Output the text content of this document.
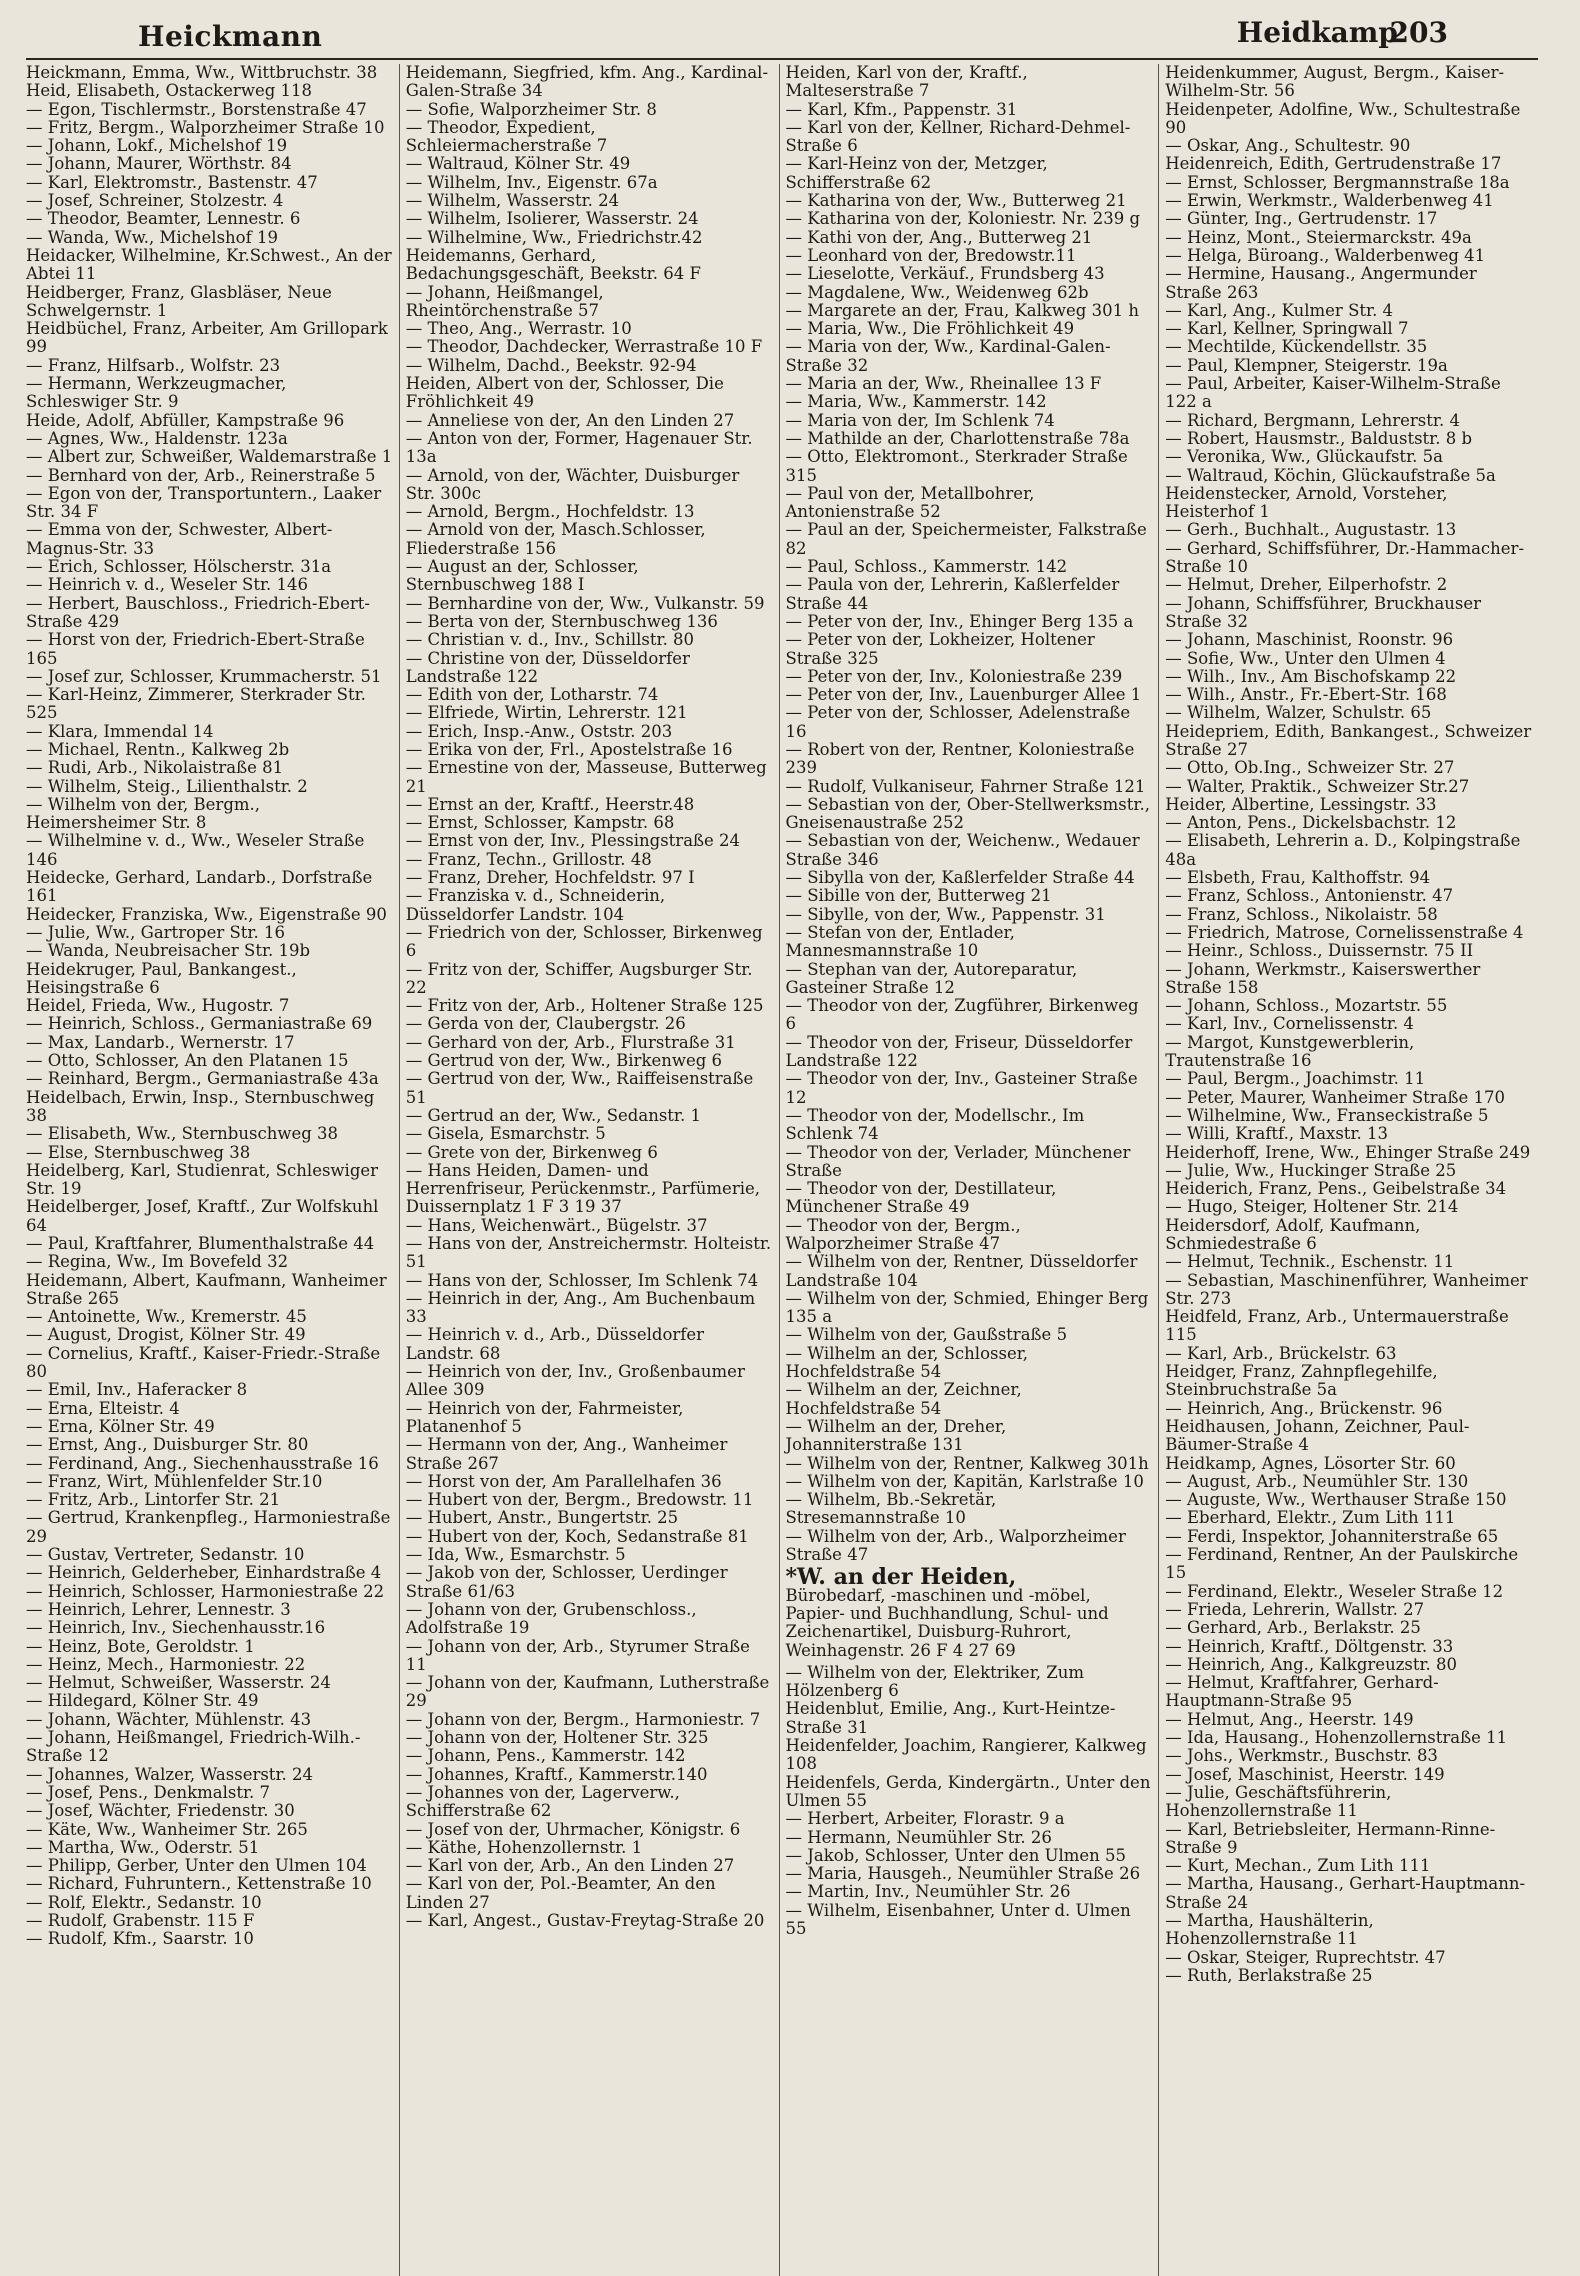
Heickmann	Heidkamp
203

Heickmann, Emma, Ww., Wittbruchstr. 38

Heid, Elisabeth, Ostackerweg 118

— Egon, Tischlermstr., Borstenstraße 47

— Fritz, Bergm., Walporzheimer Straße 10

— Johann, Lokf., Michelshof 19

— Johann, Maurer, Wörthstr. 84

— Karl, Elektromstr., Bastenstr. 47

— Josef, Schreiner, Stolzestr. 4

— Theodor, Beamter, Lennestr. 6

— Wanda, Ww., Michelshof 19

Heidacker, Wilhelmine, Kr.Schwest., An der Abtei 11

Heidberger, Franz, Glasbläser, Neue Schwelgernstr. 1

Heidbüchel, Franz, Arbeiter, Am Grillopark 99

— Franz, Hilfsarb., Wolfstr. 23

— Hermann, Werkzeugmacher, Schleswiger Str. 9

Heide, Adolf, Abfüller, Kampstraße 96

— Agnes, Ww., Haldenstr. 123a

— Albert zur, Schweißer, Waldemarstraße 1

— Bernhard von der, Arb., Reinerstraße 5

— Egon von der, Transportuntern., Laaker Str. 34 F

— Emma von der, Schwester, Albert-Magnus-Str. 33

— Erich, Schlosser, Hölscherstr. 31a

— Heinrich v. d., Weseler Str. 146

— Herbert, Bauschloss., Friedrich-Ebert-Straße 429

— Horst von der, Friedrich-Ebert-Straße 165

— Josef zur, Schlosser, Krummacherstr. 51

— Karl-Heinz, Zimmerer, Sterkrader Str. 525

— Klara, Immendal 14

— Michael, Rentn., Kalkweg 2b

— Rudi, Arb., Nikolaistraße 81

— Wilhelm, Steig., Lilienthalstr. 2

— Wilhelm von der, Bergm., Heimersheimer Str. 8

— Wilhelmine v. d., Ww., Weseler Straße 146

Heidecke, Gerhard, Landarb., Dorfstraße 161

Heidecker, Franziska, Ww., Eigenstraße 90

— Julie, Ww., Gartroper Str. 16

— Wanda, Neubreisacher Str. 19b

Heidekruger, Paul, Bankangest., Heisingstraße 6

Heidel, Frieda, Ww., Hugostr. 7

— Heinrich, Schloss., Germaniastraße 69

— Max, Landarb., Wernerstr. 17

— Otto, Schlosser, An den Platanen 15

— Reinhard, Bergm., Germaniastraße 43a

Heidelbach, Erwin, Insp., Sternbuschweg 38

— Elisabeth, Ww., Sternbuschweg 38

— Else, Sternbuschweg 38

Heidelberg, Karl, Studienrat, Schleswiger Str. 19

Heidelberger, Josef, Kraftf., Zur Wolfskuhl 64

— Paul, Kraftfahrer, Blumenthalstraße 44

— Regina, Ww., Im Bovefeld 32

Heidemann, Albert, Kaufmann, Wanheimer Straße 265

— Antoinette, Ww., Kremerstr. 45

— August, Drogist, Kölner Str. 49

— Cornelius, Kraftf., Kaiser-Friedr.-Straße 80

— Emil, Inv., Haferacker 8

— Erna, Elteistr. 4

— Erna, Kölner Str. 49

— Ernst, Ang., Duisburger Str. 80

— Ferdinand, Ang., Siechenhausstraße 16

— Franz, Wirt, Mühlenfelder Str.10

— Fritz, Arb., Lintorfer Str. 21

— Gertrud, Krankenpfleg., Harmoniestraße 29

— Gustav, Vertreter, Sedanstr. 10

— Heinrich, Gelderheber, Einhardstraße 4

— Heinrich, Schlosser, Harmoniestraße 22

— Heinrich, Lehrer, Lennestr. 3

— Heinrich, Inv., Siechenhausstr.16

— Heinz, Bote, Geroldstr. 1

— Heinz, Mech., Harmoniestr. 22

— Helmut, Schweißer, Wasserstr. 24

— Hildegard, Kölner Str. 49

— Johann, Wächter, Mühlenstr. 43

— Johann, Heißmangel, Friedrich-Wilh.-Straße 12

— Johannes, Walzer, Wasserstr. 24

— Josef, Pens., Denkmalstr. 7

— Josef, Wächter, Friedenstr. 30

— Käte, Ww., Wanheimer Str. 265

— Martha, Ww., Oderstr. 51

— Philipp, Gerber, Unter den Ulmen 104

— Richard, Fuhruntern., Kettenstraße 10

— Rolf, Elektr., Sedanstr. 10

— Rudolf, Grabenstr. 115 F

— Rudolf, Kfm., Saarstr. 10

Heidemann, Siegfried, kfm. Ang., Kardinal-Galen-Straße 34

— Sofie, Walporzheimer Str. 8

— Theodor, Expedient, Schleiermacherstraße 7

— Waltraud, Kölner Str. 49

— Wilhelm, Inv., Eigenstr. 67a

— Wilhelm, Wasserstr. 24

— Wilhelm, Isolierer, Wasserstr. 24

— Wilhelmine, Ww., Friedrichstr.42

Heidemanns, Gerhard, Bedachungsgeschäft, Beekstr. 64 F

— Johann, Heißmangel, Rheintörchenstraße 57

— Theo, Ang., Werrastr. 10

— Theodor, Dachdecker, Werrastraße 10 F

— Wilhelm, Dachd., Beekstr. 92-94

Heiden, Albert von der, Schlosser, Die Fröhlichkeit 49

— Anneliese von der, An den Linden 27

— Anton von der, Former, Hagenauer Str. 13a

— Arnold, von der, Wächter, Duisburger Str. 300c

— Arnold, Bergm., Hochfeldstr. 13

— Arnold von der, Masch.Schlosser, Fliederstraße 156

— August an der, Schlosser, Sternbuschweg 188 I

— Bernhardine von der, Ww., Vulkanstr. 59

— Berta von der, Sternbuschweg 136

— Christian v. d., Inv., Schillstr. 80

— Christine von der, Düsseldorfer Landstraße 122

— Edith von der, Lotharstr. 74

— Elfriede, Wirtin, Lehrerstr. 121

— Erich, Insp.-Anw., Oststr. 203

— Erika von der, Frl., Apostelstraße 16

— Ernestine von der, Masseuse, Butterweg 21

— Ernst an der, Kraftf., Heerstr.48

— Ernst, Schlosser, Kampstr. 68

— Ernst von der, Inv., Plessingstraße 24

— Franz, Techn., Grillostr. 48

— Franz, Dreher, Hochfeldstr. 97 I

— Franziska v. d., Schneiderin, Düsseldorfer Landstr. 104

— Friedrich von der, Schlosser, Birkenweg 6

— Fritz von der, Schiffer, Augsburger Str. 22

— Fritz von der, Arb., Holtener Straße 125

— Gerda von der, Claubergstr. 26

— Gerhard von der, Arb., Flurstraße 31

— Gertrud von der, Ww., Birkenweg 6

— Gertrud von der, Ww., Raiffeisenstraße 51

— Gertrud an der, Ww., Sedanstr. 1

— Gisela, Esmarchstr. 5

— Grete von der, Birkenweg 6

— Hans Heiden, Damen- und Herrenfriseur, Perückenmstr., Parfümerie, Duissernplatz 1 F 3 19 37

— Hans, Weichenwärt., Bügelstr. 37

— Hans von der, Anstreichermstr. Holteistr. 51

— Hans von der, Schlosser, Im Schlenk 74

— Heinrich in der, Ang., Am Buchenbaum 33

— Heinrich v. d., Arb., Düsseldorfer Landstr. 68

— Heinrich von der, Inv., Großenbaumer Allee 309

— Heinrich von der, Fahrmeister, Platanenhof 5

— Hermann von der, Ang., Wanheimer Straße 267

— Horst von der, Am Parallelhafen 36

— Hubert von der, Bergm., Bredowstr. 11

— Hubert, Anstr., Bungertstr. 25

— Hubert von der, Koch, Sedanstraße 81

— Ida, Ww., Esmarchstr. 5

— Jakob von der, Schlosser, Uerdinger Straße 61/63

— Johann von der, Grubenschloss., Adolfstraße 19

— Johann von der, Arb., Styrumer Straße 11

— Johann von der, Kaufmann, Lutherstraße 29

— Johann von der, Bergm., Harmoniestr. 7

— Johann von der, Holtener Str. 325

— Johann, Pens., Kammerstr. 142

— Johannes, Kraftf., Kammerstr.140

— Johannes von der, Lagerverw., Schifferstraße 62

— Josef von der, Uhrmacher, Königstr. 6

— Käthe, Hohenzollernstr. 1

— Karl von der, Arb., An den Linden 27

— Karl von der, Pol.-Beamter, An den Linden 27

— Karl, Angest., Gustav-Freytag-Straße 20

Heiden, Karl von der, Kraftf., Malteserstraße 7

— Karl, Kfm., Pappenstr. 31

— Karl von der, Kellner, Richard-Dehmel-Straße 6

— Karl-Heinz von der, Metzger, Schifferstraße 62

— Katharina von der, Ww., Butterweg 21

— Katharina von der, Koloniestr. Nr. 239 g

— Kathi von der, Ang., Butterweg 21

— Leonhard von der, Bredowstr.11

— Lieselotte, Verkäuf., Frundsberg 43

— Magdalene, Ww., Weidenweg 62b

— Margarete an der, Frau, Kalkweg 301 h

— Maria, Ww., Die Fröhlichkeit 49

— Maria von der, Ww., Kardinal-Galen-Straße 32

— Maria an der, Ww., Rheinallee 13 F

— Maria, Ww., Kammerstr. 142

— Maria von der, Im Schlenk 74

— Mathilde an der, Charlottenstraße 78a

— Otto, Elektromont., Sterkrader Straße 315

— Paul von der, Metallbohrer, Antonienstraße 52

— Paul an der, Speichermeister, Falkstraße 82

— Paul, Schloss., Kammerstr. 142

— Paula von der, Lehrerin, Kaßlerfelder Straße 44

— Peter von der, Inv., Ehinger Berg 135 a

— Peter von der, Lokheizer, Holtener Straße 325

— Peter von der, Inv., Koloniestraße 239

— Peter von der, Inv., Lauenburger Allee 1

— Peter von der, Schlosser, Adelenstraße 16

— Robert von der, Rentner, Koloniestraße 239

— Rudolf, Vulkaniseur, Fahrner Straße 121

— Sebastian von der, Ober-Stellwerksmstr., Gneisenaustraße 252

— Sebastian von der, Weichenw., Wedauer Straße 346

— Sibylla von der, Kaßlerfelder Straße 44

— Sibille von der, Butterweg 21

— Sibylle, von der, Ww., Pappenstr. 31

— Stefan von der, Entlader, Mannesmannstraße 10

— Stephan van der, Autoreparatur, Gasteiner Straße 12

— Theodor von der, Zugführer, Birkenweg 6

— Theodor von der, Friseur, Düsseldorfer Landstraße 122

— Theodor von der, Inv., Gasteiner Straße 12

— Theodor von der, Modellschr., Im Schlenk 74

— Theodor von der, Verlader, Münchener Straße

— Theodor von der, Destillateur, Münchener Straße 49

— Theodor von der, Bergm., Walporzheimer Straße 47

— Wilhelm von der, Rentner, Düsseldorfer Landstraße 104

— Wilhelm von der, Schmied, Ehinger Berg 135 a

— Wilhelm von der, Gaußstraße 5

— Wilhelm an der, Schlosser, Hochfeldstraße 54

— Wilhelm an der, Zeichner, Hochfeldstraße 54

— Wilhelm an der, Dreher, Johanniterstraße 131

— Wilhelm von der, Rentner, Kalkweg 301h

— Wilhelm von der, Kapitän, Karlstraße 10

— Wilhelm, Bb.-Sekretär, Stresemannstraße 10

— Wilhelm von der, Arb., Walporzheimer Straße 47

*W. an der Heiden,
Bürobedarf, -maschinen und -möbel, Papier- und Buchhandlung, Schul- und Zeichenartikel, Duisburg-Ruhrort, Weinhagenstr. 26 F 4 27 69

— Wilhelm von der, Elektriker, Zum Hölzenberg 6

Heidenblut, Emilie, Ang., Kurt-Heintze-Straße 31

Heidenfelder, Joachim, Rangierer, Kalkweg 108

Heidenfels, Gerda, Kindergärtn., Unter den Ulmen 55

— Herbert, Arbeiter, Florastr. 9 a

— Hermann, Neumühler Str. 26

— Jakob, Schlosser, Unter den Ulmen 55

— Maria, Hausgeh., Neumühler Straße 26

— Martin, Inv., Neumühler Str. 26

— Wilhelm, Eisenbahner, Unter d. Ulmen 55

Heidenkummer, August, Bergm., Kaiser-Wilhelm-Str. 56

Heidenpeter, Adolfine, Ww., Schultestraße 90

— Oskar, Ang., Schultestr. 90

Heidenreich, Edith, Gertrudenstraße 17

— Ernst, Schlosser, Bergmannstraße 18a

— Erwin, Werkmstr., Walderbenweg 41

— Günter, Ing., Gertrudenstr. 17

— Heinz, Mont., Steiermarckstr. 49a

— Helga, Büroang., Walderbenweg 41

— Hermine, Hausang., Angermunder Straße 263

— Karl, Ang., Kulmer Str. 4

— Karl, Kellner, Springwall 7

— Mechtilde, Kückendellstr. 35

— Paul, Klempner, Steigerstr. 19a

— Paul, Arbeiter, Kaiser-Wilhelm-Straße 122 a

— Richard, Bergmann, Lehrerstr. 4

— Robert, Hausmstr., Balduststr. 8 b

— Veronika, Ww., Glückaufstr. 5a

— Waltraud, Köchin, Glückaufstraße 5a

Heidenstecker, Arnold, Vorsteher, Heisterhof 1

— Gerh., Buchhalt., Augustastr. 13

— Gerhard, Schiffsführer, Dr.-Hammacher-Straße 10

— Helmut, Dreher, Eilperhofstr. 2

— Johann, Schiffsführer, Bruckhauser Straße 32

— Johann, Maschinist, Roonstr. 96

— Sofie, Ww., Unter den Ulmen 4

— Wilh., Inv., Am Bischofskamp 22

— Wilh., Anstr., Fr.-Ebert-Str. 168

— Wilhelm, Walzer, Schulstr. 65

Heidepriem, Edith, Bankangest., Schweizer Straße 27

— Otto, Ob.Ing., Schweizer Str. 27

— Walter, Praktik., Schweizer Str.27

Heider, Albertine, Lessingstr. 33

— Anton, Pens., Dickelsbachstr. 12

— Elisabeth, Lehrerin a. D., Kolpingstraße 48a

— Elsbeth, Frau, Kalthoffstr. 94

— Franz, Schloss., Antonienstr. 47

— Franz, Schloss., Nikolaistr. 58

— Friedrich, Matrose, Cornelissenstraße 4

— Heinr., Schloss., Duissernstr. 75 II

— Johann, Werkmstr., Kaiserswerther Straße 158

— Johann, Schloss., Mozartstr. 55

— Karl, Inv., Cornelissenstr. 4

— Margot, Kunstgewerblerin, Trautenstraße 16

— Paul, Bergm., Joachimstr. 11

— Peter, Maurer, Wanheimer Straße 170

— Wilhelmine, Ww., Franseckistraße 5

— Willi, Kraftf., Maxstr. 13

Heiderhoff, Irene, Ww., Ehinger Straße 249

— Julie, Ww., Huckinger Straße 25

Heiderich, Franz, Pens., Geibelstraße 34

— Hugo, Steiger, Holtener Str. 214

Heidersdorf, Adolf, Kaufmann, Schmiedestraße 6

— Helmut, Technik., Eschenstr. 11

— Sebastian, Maschinenführer, Wanheimer Str. 273

Heidfeld, Franz, Arb., Untermauerstraße 115

— Karl, Arb., Brückelstr. 63

Heidger, Franz, Zahnpflegehilfe, Steinbruchstraße 5a

— Heinrich, Ang., Brückenstr. 96

Heidhausen, Johann, Zeichner, Paul-Bäumer-Straße 4

Heidkamp, Agnes, Lösorter Str. 60

— August, Arb., Neumühler Str. 130

— Auguste, Ww., Werthauser Straße 150

— Eberhard, Elektr., Zum Lith 111

— Ferdi, Inspektor, Johanniterstraße 65

— Ferdinand, Rentner, An der Paulskirche 15

— Ferdinand, Elektr., Weseler Straße 12

— Frieda, Lehrerin, Wallstr. 27

— Gerhard, Arb., Berlakstr. 25

— Heinrich, Kraftf., Döltgenstr. 33

— Heinrich, Ang., Kalkgreuzstr. 80

— Helmut, Kraftfahrer, Gerhard-Hauptmann-Straße 95

— Helmut, Ang., Heerstr. 149

— Ida, Hausang., Hohenzollernstraße 11

— Johs., Werkmstr., Buschstr. 83

— Josef, Maschinist, Heerstr. 149

— Julie, Geschäftsführerin, Hohenzollernstraße 11

— Karl, Betriebsleiter, Hermann-Rinne-Straße 9

— Kurt, Mechan., Zum Lith 111

— Martha, Hausang., Gerhart-Hauptmann-Straße 24

— Martha, Haushälterin, Hohenzollernstraße 11

— Oskar, Steiger, Ruprechtstr. 47

— Ruth, Berlakstraße 25
